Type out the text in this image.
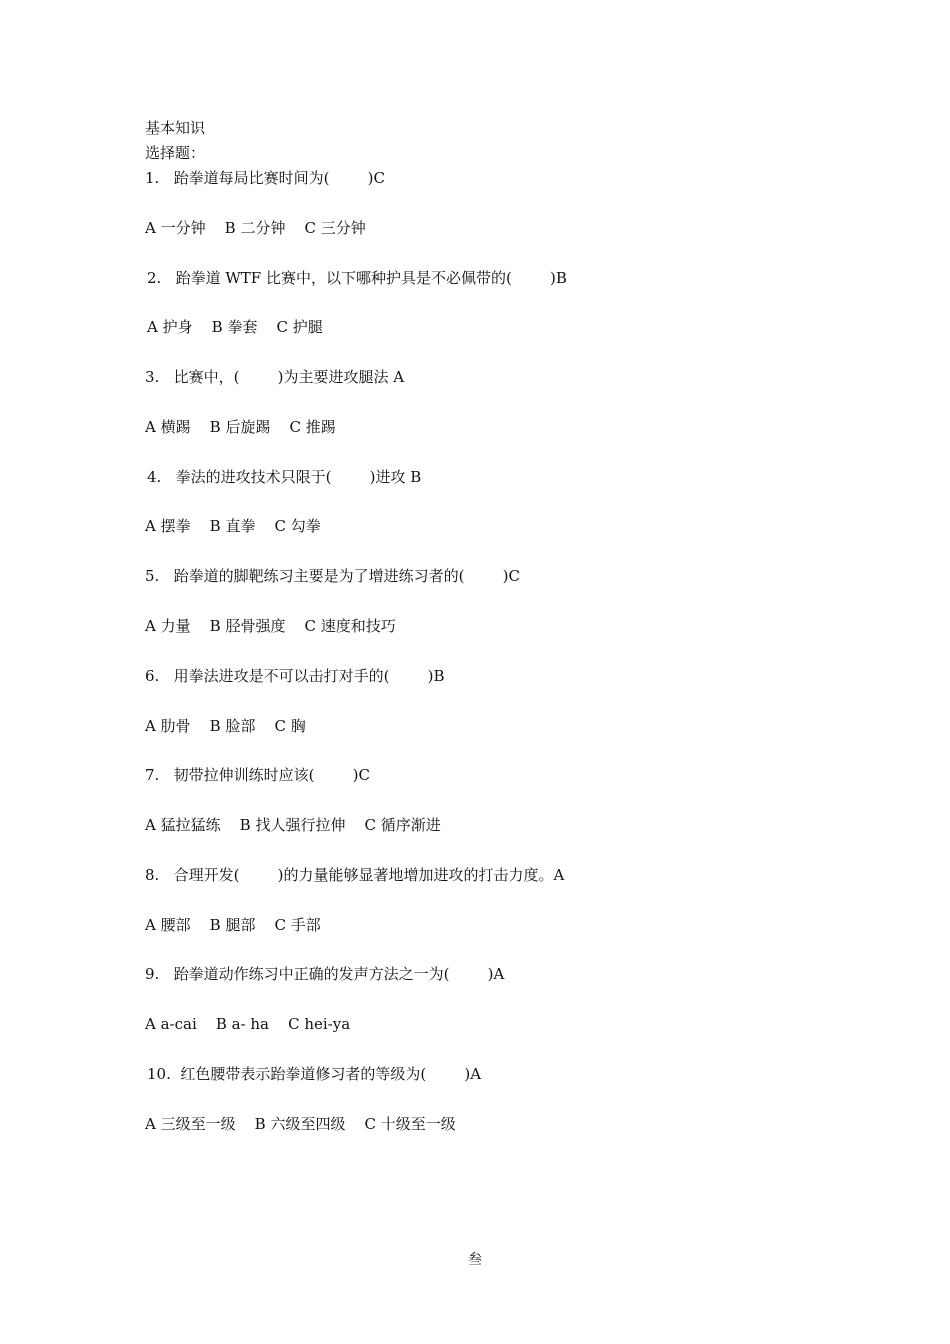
基本知识
选择题：
1.   跆拳道每局比赛时间为(        )C
A 一分钟    B 二分钟    C 三分钟
2.   跆拳道 WTF 比赛中，以下哪种护具是不必佩带的(        )B
A 护身    B 拳套    C 护腿
3.   比赛中，(        )为主要进攻腿法 A
A 横踢    B 后旋踢    C 推踢
4.   拳法的进攻技术只限于(        )进攻 B
A 摆拳    B 直拳    C 勾拳
5.   跆拳道的脚靶练习主要是为了增进练习者的(        )C
A 力量    B 胫骨强度    C 速度和技巧
6.   用拳法进攻是不可以击打对手的(        )B
A 肋骨    B 脸部    C 胸
7.   韧带拉伸训练时应该(        )C
A 猛拉猛练    B 找人强行拉伸    C 循序渐进
8.   合理开发(        )的力量能够显著地增加进攻的打击力度。A
A 腰部    B 腿部    C 手部
9.   跆拳道动作练习中正确的发声方法之一为(        )A
A a-cai    B a- ha    C hei-ya
10.  红色腰带表示跆拳道修习者的等级为(        )A
A 三级至一级    B 六级至四级    C 十级至一级
叁
